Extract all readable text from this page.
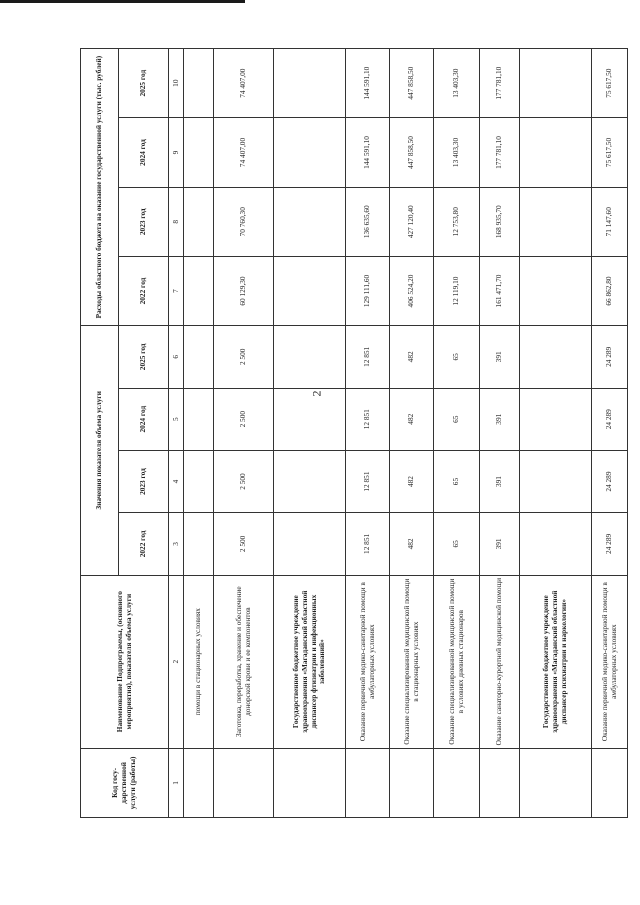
2
Код госу-дарственной услуги (работы)	Наименование Подпрограммы, (основного мероприятия), показателя объема услуги	Значения показателя объема услуги				Расходы областного бюджета на оказание государственной услуги (тыс. рублей)			
		2022 год	2023 год	2024 год	2025 год	2022 год	2023 год	2024 год	2025 год
1	2	3	4	5	6	7	8	9	10
	помощи в стационарных условиях								
	Заготовка, переработка, хранение и обеспечение донорской крови и ее компонентов	2 500	2 500	2 500	2 500	60 129,30	70 760,30	74 407,00	74 407,00
	Государственное бюджетное учреждение здравоохранения «Магаданский областной диспансер фтизиатрии и инфекционных заболеваний»								
	Оказание первичной медико-санитарной помощи в амбулаторных условиях	12 851	12 851	12 851	12 851	129 111,60	136 635,60	144 591,10	144 591,10
	Оказание специализированной медицинской помощи в стационарных условиях	482	482	482	482	406 524,20	427 120,40	447 858,50	447 858,50
	Оказание специализированной медицинской помощи в условиях дневных стационаров	65	65	65	65	12 119,10	12 753,80	13 403,30	13 403,30
	Оказание санаторно-курортной медицинской помощи	391	391	391	391	161 471,70	168 935,70	177 781,10	177 781,10
	Государственное бюджетное учреждение здравоохранения «Магаданский областной диспансер психиатрии и наркологии»								
	Оказание первичной медико-санитарной помощи в амбулаторных условиях	24 289	24 289	24 289	24 289	66 862,80	71 147,60	75 617,50	75 617,50
